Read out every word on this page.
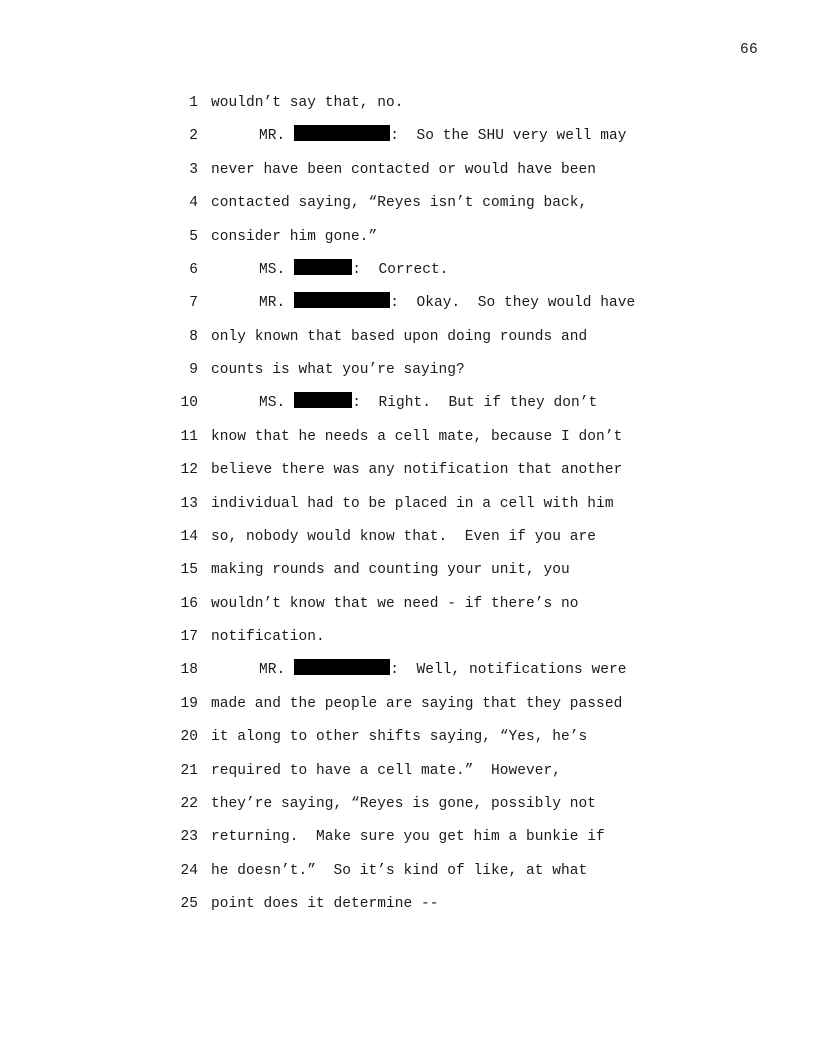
66
1 wouldn’t say that, no.
2	MR.	:  So the SHU very well may
3 never have been contacted or would have been
4 contacted saying, “Reyes isn’t coming back,
5 consider him gone.”
6	MS.	:  Correct.
7	MR.	:  Okay.  So they would have
8 only known that based upon doing rounds and
9 counts is what you’re saying?
10	MS.	:  Right.  But if they don’t
11 know that he needs a cell mate, because I don’t
12 believe there was any notification that another
13 individual had to be placed in a cell with him
14 so, nobody would know that.  Even if you are
15 making rounds and counting your unit, you
16 wouldn’t know that we need - if there’s no
17 notification.
18	MR.	:  Well, notifications were
19 made and the people are saying that they passed
20 it along to other shifts saying, “Yes, he’s
21 required to have a cell mate.”  However,
22 they’re saying, “Reyes is gone, possibly not
23 returning.  Make sure you get him a bunkie if
24 he doesn’t.”  So it’s kind of like, at what
25 point does it determine --
